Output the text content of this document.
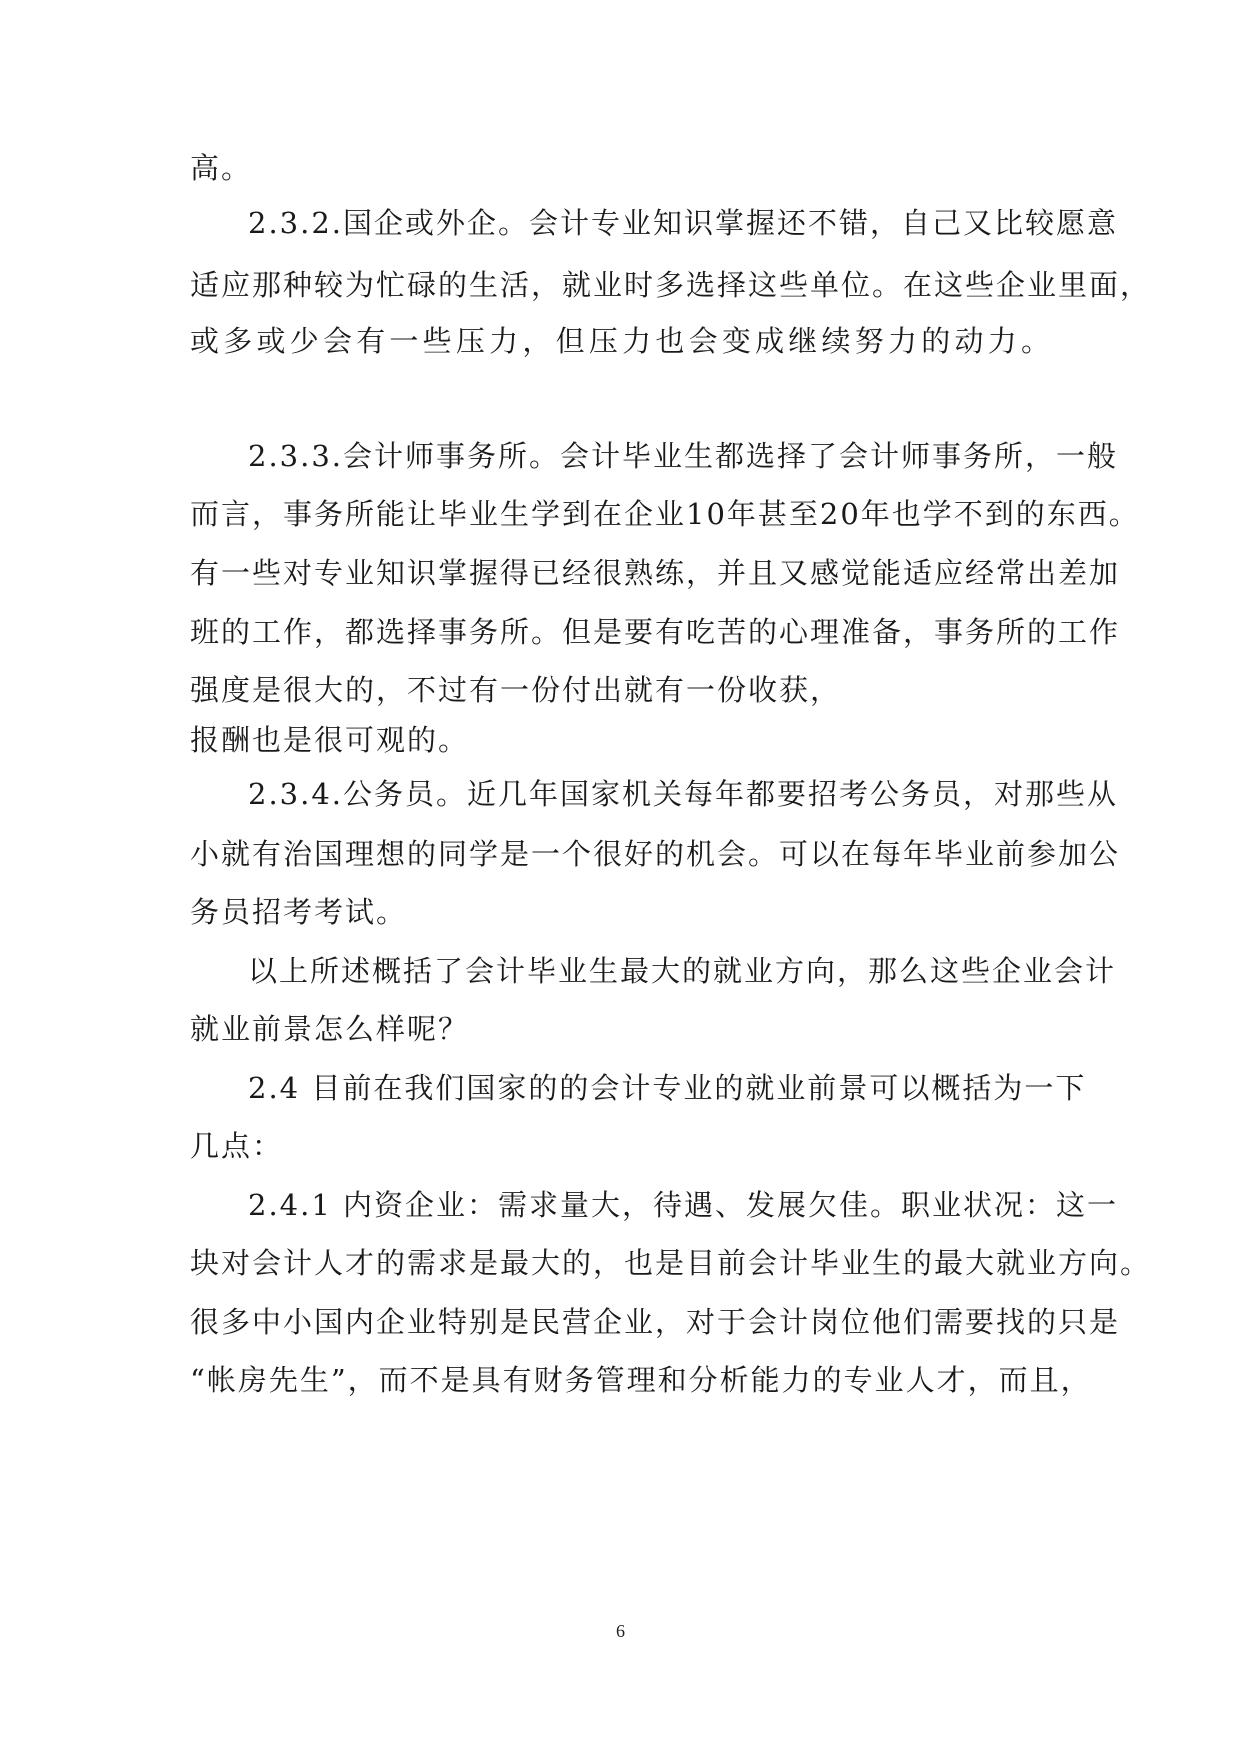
高。
2.3.2.国企或外企。会计专业知识掌握还不错，自己又比较愿意
适应那种较为忙碌的生活，就业时多选择这些单位。在这些企业里面，
或多或少会有一些压力，但压力也会变成继续努力的动力。
2.3.3.会计师事务所。会计毕业生都选择了会计师事务所，一般
而言，事务所能让毕业生学到在企业10年甚至20年也学不到的东西。
有一些对专业知识掌握得已经很熟练，并且又感觉能适应经常出差加
班的工作，都选择事务所。但是要有吃苦的心理准备，事务所的工作
强度是很大的，不过有一份付出就有一份收获，
报酬也是很可观的。
2.3.4.公务员。近几年国家机关每年都要招考公务员，对那些从
小就有治国理想的同学是一个很好的机会。可以在每年毕业前参加公
务员招考考试。
以上所述概括了会计毕业生最大的就业方向，那么这些企业会计
就业前景怎么样呢？
2.4 目前在我们国家的的会计专业的就业前景可以概括为一下
几点：
2.4.1 内资企业：需求量大，待遇、发展欠佳。职业状况：这一
块对会计人才的需求是最大的，也是目前会计毕业生的最大就业方向。
很多中小国内企业特别是民营企业，对于会计岗位他们需要找的只是
“帐房先生”，而不是具有财务管理和分析能力的专业人才，而且，
6
